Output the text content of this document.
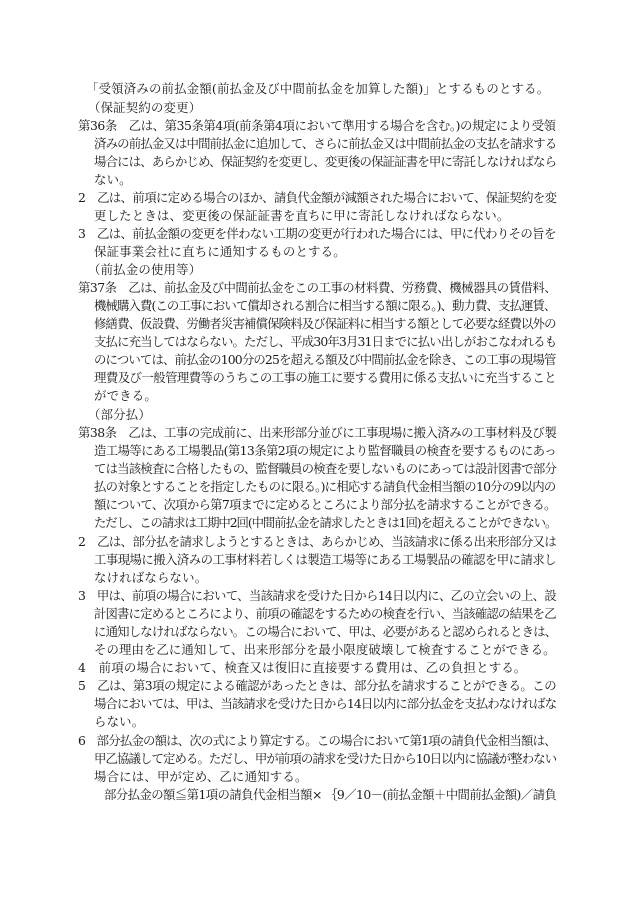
「受領済みの前払金額(前払金及び中間前払金を加算した額)」とするものとする。
（保証契約の変更）
第36条　乙は、第35条第4項(前条第4項において準用する場合を含む。)の規定により受領
済みの前払金又は中間前払金に追加して、さらに前払金又は中間前払金の支払を請求する
場合には、あらかじめ、保証契約を変更し、変更後の保証証書を甲に寄託しなければなら
ない。
2　乙は、前項に定める場合のほか、請負代金額が減額された場合において、保証契約を変
更したときは、変更後の保証証書を直ちに甲に寄託しなければならない。
3　乙は、前払金額の変更を伴わない工期の変更が行われた場合には、甲に代わりその旨を
保証事業会社に直ちに通知するものとする。
（前払金の使用等）
第37条　乙は、前払金及び中間前払金をこの工事の材料費、労務費、機械器具の賃借料、
機械購入費(この工事において償却される割合に相当する額に限る。)、動力費、支払運賃、
修繕費、仮設費、労働者災害補償保険料及び保証料に相当する額として必要な経費以外の
支払に充当してはならない。ただし、平成30年3月31日までに払い出しがおこなわれるも
のについては、前払金の100分の25を超える額及び中間前払金を除き、この工事の現場管
理費及び一般管理費等のうちこの工事の施工に要する費用に係る支払いに充当すること
ができる。
（部分払）
第38条　乙は、工事の完成前に、出来形部分並びに工事現場に搬入済みの工事材料及び製
造工場等にある工場製品(第13条第2項の規定により監督職員の検査を要するものにあっ
ては当該検査に合格したもの、監督職員の検査を要しないものにあっては設計図書で部分
払の対象とすることを指定したものに限る。)に相応する請負代金相当額の10分の9以内の
額について、次項から第7項までに定めるところにより部分払を請求することができる。
ただし、この請求は工期中2回(中間前払金を請求したときは1回)を超えることができない。
2　乙は、部分払を請求しようとするときは、あらかじめ、当該請求に係る出来形部分又は
工事現場に搬入済みの工事材料若しくは製造工場等にある工場製品の確認を甲に請求し
なければならない。
3　甲は、前項の場合において、当該請求を受けた日から14日以内に、乙の立会いの上、設
計図書に定めるところにより、前項の確認をするための検査を行い、当該確認の結果を乙
に通知しなければならない。この場合において、甲は、必要があると認められるときは、
その理由を乙に通知して、出来形部分を最小限度破壊して検査することができる。
4　前項の場合において、検査又は復旧に直接要する費用は、乙の負担とする。
5　乙は、第3項の規定による確認があったときは、部分払を請求することができる。この
場合においては、甲は、当該請求を受けた日から14日以内に部分払金を支払わなければな
らない。
6　部分払金の額は、次の式により算定する。この場合において第1項の請負代金相当額は、
甲乙協議して定める。ただし、甲が前項の請求を受けた日から10日以内に協議が整わない
場合には、甲が定め、乙に通知する。
部分払金の額≦第1項の請負代金相当額× ｛9／10－(前払金額＋中間前払金額)／請負
